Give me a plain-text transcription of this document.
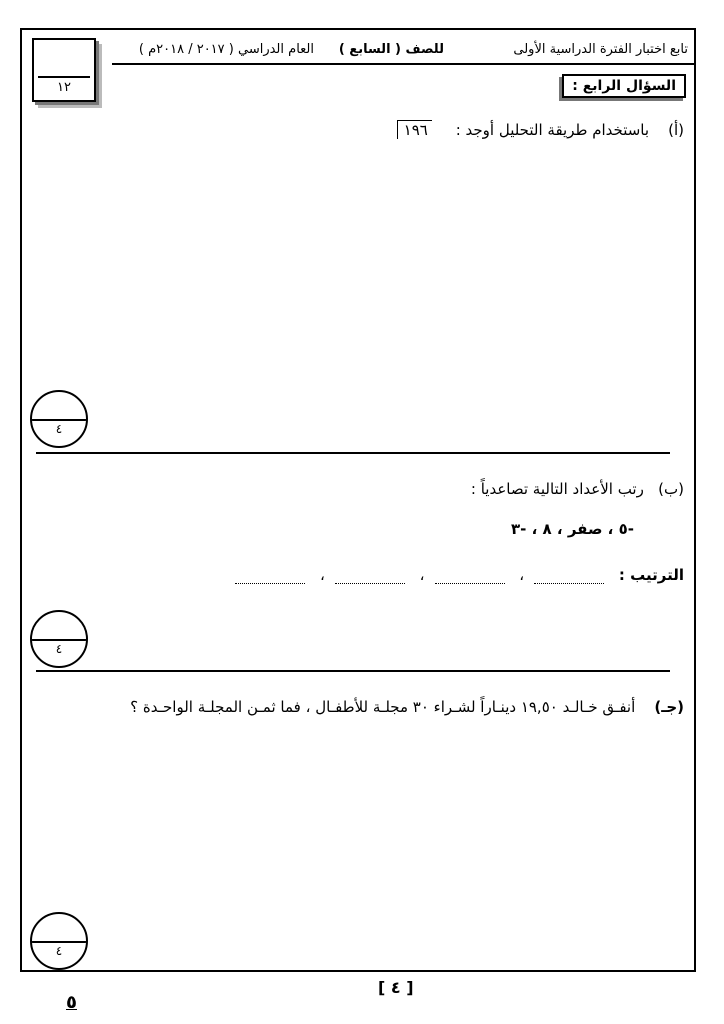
١٢
تابع اختبار الفترة الدراسية الأولى
للصف ( السابع )
العام الدراسي ( ٢٠١٧ / ٢٠١٨م )
السؤال الرابع :
(أ)    باستخدام طريقة التحليل أوجد :     ١٩٦
٤
(ب)   رتب الأعداد التالية تصاعدياً :
-٥ ، صفر ، ٨ ، -٣
الترتيب : ، ، ،
٤
(جـ)    أنفـق خـالـد ١٩,٥٠ دينـاراً لشـراء ٣٠ مجلـة للأطفـال ، فما ثمـن المجلـة الواحـدة ؟
٤
[ ٤ ]
٥
